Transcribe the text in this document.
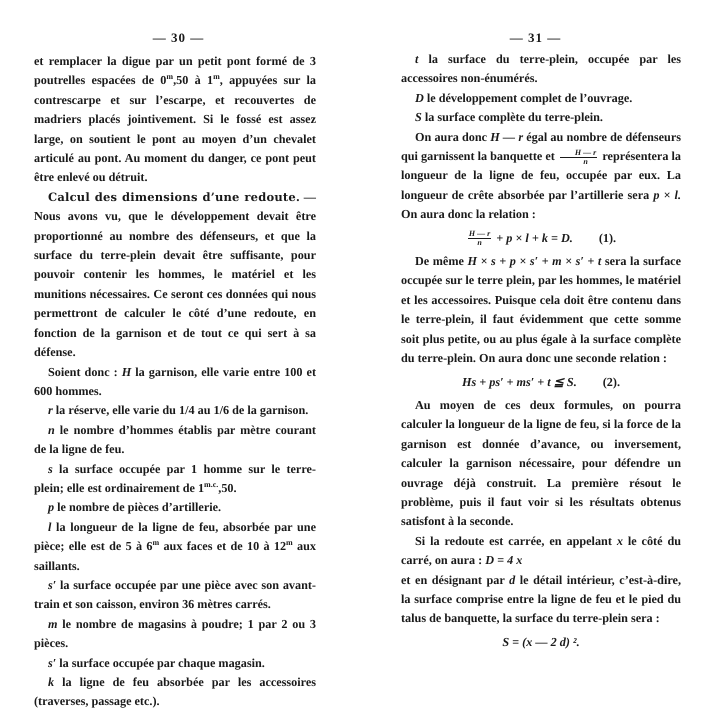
— 30 —

et remplacer la digue par un petit pont formé de 3 poutrelles espacées de 0$^m$,50 à 1$^m$, appuyées sur la contrescarpe et sur l’escarpe, et recouvertes de madriers placés jointivement. Si le fossé est assez large, on soutient le pont au moyen d’un chevalet articulé au pont. Au moment du danger, ce pont peut être enlevé ou détruit.

Calcul des dimensions d’une redoute. — Nous avons vu, que le développement devait être proportionné au nombre des défenseurs, et que la surface du terre-plein devait être suffisante, pour pouvoir contenir les hommes, le matériel et les munitions nécessaires. Ce seront ces données qui nous permettront de calculer le côté d’une redoute, en fonction de la garnison et de tout ce qui sert à sa défense.

Soient donc : H la garnison, elle varie entre 100 et 600 hommes.

r la réserve, elle varie du 1/4 au 1/6 de la garnison.

n le nombre d’hommes établis par mètre courant de la ligne de feu.

s la surface occupée par 1 homme sur le terre-plein; elle est ordinairement de $1^{m.c.},50$.

p le nombre de pièces d’artillerie.

l la longueur de la ligne de feu, absorbée par une pièce; elle est de 5 à 6$^m$ aux faces et de 10 à 12$^m$ aux saillants.

s′ la surface occupée par une pièce avec son avant-train et son caisson, environ 36 mètres carrés.

m le nombre de magasins à poudre; 1 par 2 ou 3 pièces.

s′ la surface occupée par chaque magasin.

k la ligne de feu absorbée par les accessoires (traverses, passage etc.).

— 31 —

t la surface du terre-plein, occupée par les accessoires non-énumérés.

D le développement complet de l’ouvrage.

S la surface complète du terre-plein.

On aura donc H — r égal au nombre de défenseurs qui garnissent la banquette et $\frac{H — r}{n}$ représentera la longueur de la ligne de feu, occupée par eux. La longueur de crête absorbée par l’artillerie sera p × l. On aura donc la relation :

$\frac{H — r}{n} + p \times l + k = D$. (1).

De même H × s + p × s′ + m × s′ + t sera la surface occupée sur le terre plein, par les hommes, le matériel et les accessoires. Puisque cela doit être contenu dans le terre-plein, il faut évidemment que cette somme soit plus petite, ou au plus égale à la surface complète du terre-plein. On aura donc une seconde relation :

Hs + ps′ + ms′ + t ≦ S. (2).

Au moyen de ces deux formules, on pourra calculer la longueur de la ligne de feu, si la force de la garnison est donnée d’avance, ou inversement, calculer la garnison nécessaire, pour défendre un ouvrage déjà construit. La première résout le problème, puis il faut voir si les résultats obtenus satisfont à la seconde.

Si la redoute est carrée, en appelant x le côté du carré, on aura : D = 4 x

et en désignant par d le détail intérieur, c’est-à-dire, la surface comprise entre la ligne de feu et le pied du talus de banquette, la surface du terre-plein sera :

S = (x — 2 d) ².
